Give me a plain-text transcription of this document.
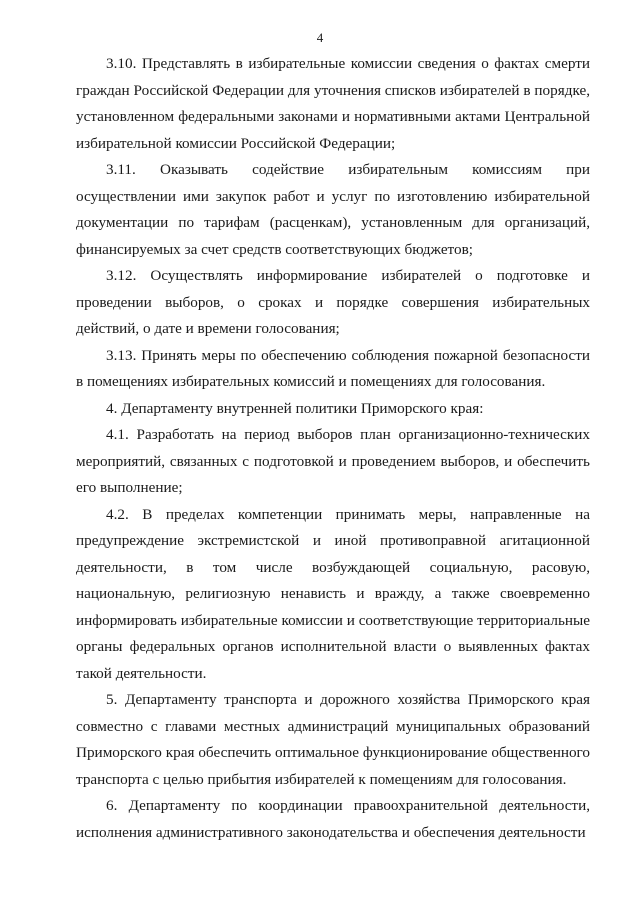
4

3.10. Представлять в избирательные комиссии сведения о фактах смерти граждан Российской Федерации для уточнения списков избирателей в порядке, установленном федеральными законами и нормативными актами Центральной избирательной комиссии Российской Федерации;

3.11. Оказывать содействие избирательным комиссиям при осуществлении ими закупок работ и услуг по изготовлению избирательной документации по тарифам (расценкам), установленным для организаций, финансируемых за счет средств соответствующих бюджетов;

3.12. Осуществлять информирование избирателей о подготовке и проведении выборов, о сроках и порядке совершения избирательных действий, о дате и времени голосования;

3.13. Принять меры по обеспечению соблюдения пожарной безопасности в помещениях избирательных комиссий и помещениях для голосования.

4. Департаменту внутренней политики Приморского края:

4.1. Разработать на период выборов план организационно-технических мероприятий, связанных с подготовкой и проведением выборов, и обеспечить его выполнение;

4.2. В пределах компетенции принимать меры, направленные на предупреждение экстремистской и иной противоправной агитационной деятельности, в том числе возбуждающей социальную, расовую, национальную, религиозную ненависть и вражду, а также своевременно информировать избирательные комиссии и соответствующие территориальные органы федеральных органов исполнительной власти о выявленных фактах такой деятельности.

5. Департаменту транспорта и дорожного хозяйства Приморского края совместно с главами местных администраций муниципальных образований Приморского края обеспечить оптимальное функционирование общественного транспорта с целью прибытия избирателей к помещениям для голосования.

6. Департаменту по координации правоохранительной деятельности, исполнения административного законодательства и обеспечения деятельности
